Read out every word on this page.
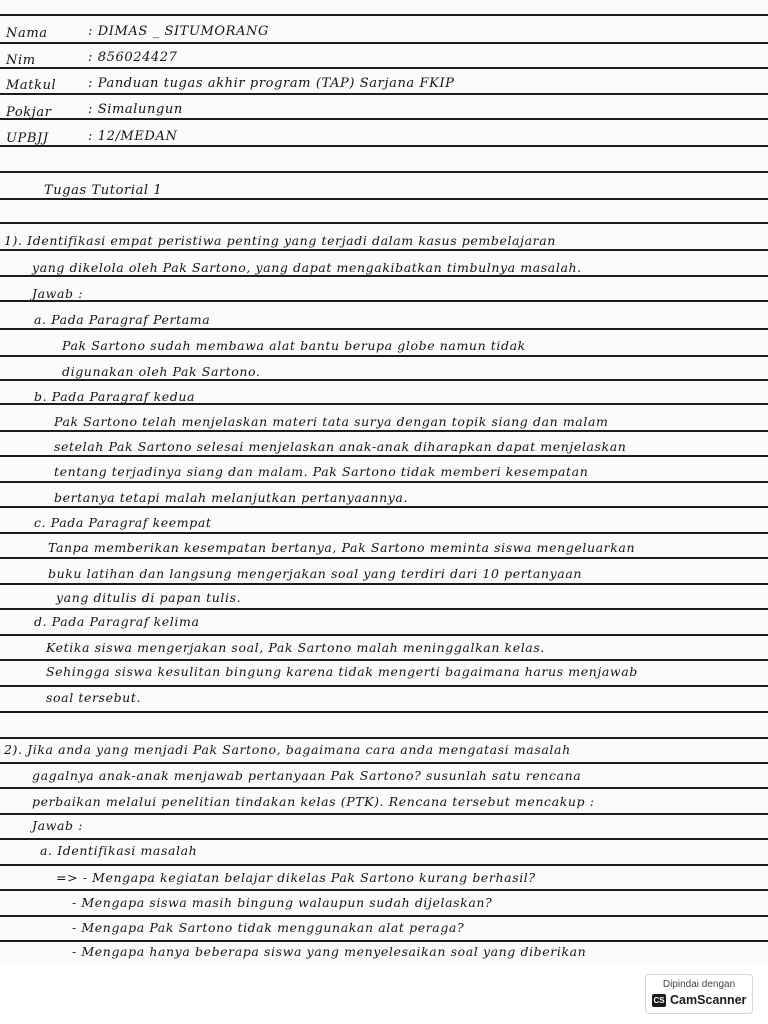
Nama	: DIMAS _ SITUMORANG
Nim	: 856024427
Matkul : Panduan tugas akhir program (TAP) Sarjana FKIP
Pokjar	: Simalungun
UPBJJ	: 12/MEDAN
Tugas Tutorial 1
1). Identifikasi empat peristiwa penting yang terjadi dalam kasus pembelajaran
yang dikelola oleh Pak Sartono, yang dapat mengakibatkan timbulnya masalah.
Jawab :
a. Pada Paragraf Pertama
Pak Sartono sudah membawa alat bantu berupa globe namun tidak
digunakan oleh Pak Sartono.
b. Pada Paragraf kedua
Pak Sartono telah menjelaskan materi tata surya dengan topik siang dan malam
setelah Pak Sartono selesai menjelaskan anak-anak diharapkan dapat menjelaskan
tentang terjadinya siang dan malam. Pak Sartono tidak memberi kesempatan
bertanya tetapi malah melanjutkan pertanyaannya.
c. Pada Paragraf keempat
Tanpa memberikan kesempatan bertanya, Pak Sartono meminta siswa mengeluarkan
buku latihan dan langsung mengerjakan soal yang terdiri dari 10 pertanyaan
yang ditulis di papan tulis.
d. Pada Paragraf kelima
Ketika siswa mengerjakan soal, Pak Sartono malah meninggalkan kelas.
Sehingga siswa kesulitan bingung karena tidak mengerti bagaimana harus menjawab
soal tersebut.
2). Jika anda yang menjadi Pak Sartono, bagaimana cara anda mengatasi masalah
gagalnya anak-anak menjawab pertanyaan Pak Sartono? susunlah satu rencana
perbaikan melalui penelitian tindakan kelas (PTK). Rencana tersebut mencakup :
Jawab :
a. Identifikasi masalah
=> - Mengapa kegiatan belajar dikelas Pak Sartono kurang berhasil?
- Mengapa siswa masih bingung walaupun sudah dijelaskan?
- Mengapa Pak Sartono tidak menggunakan alat peraga?
- Mengapa hanya beberapa siswa yang menyelesaikan soal yang diberikan
Dipindai dengan
CS CamScanner
